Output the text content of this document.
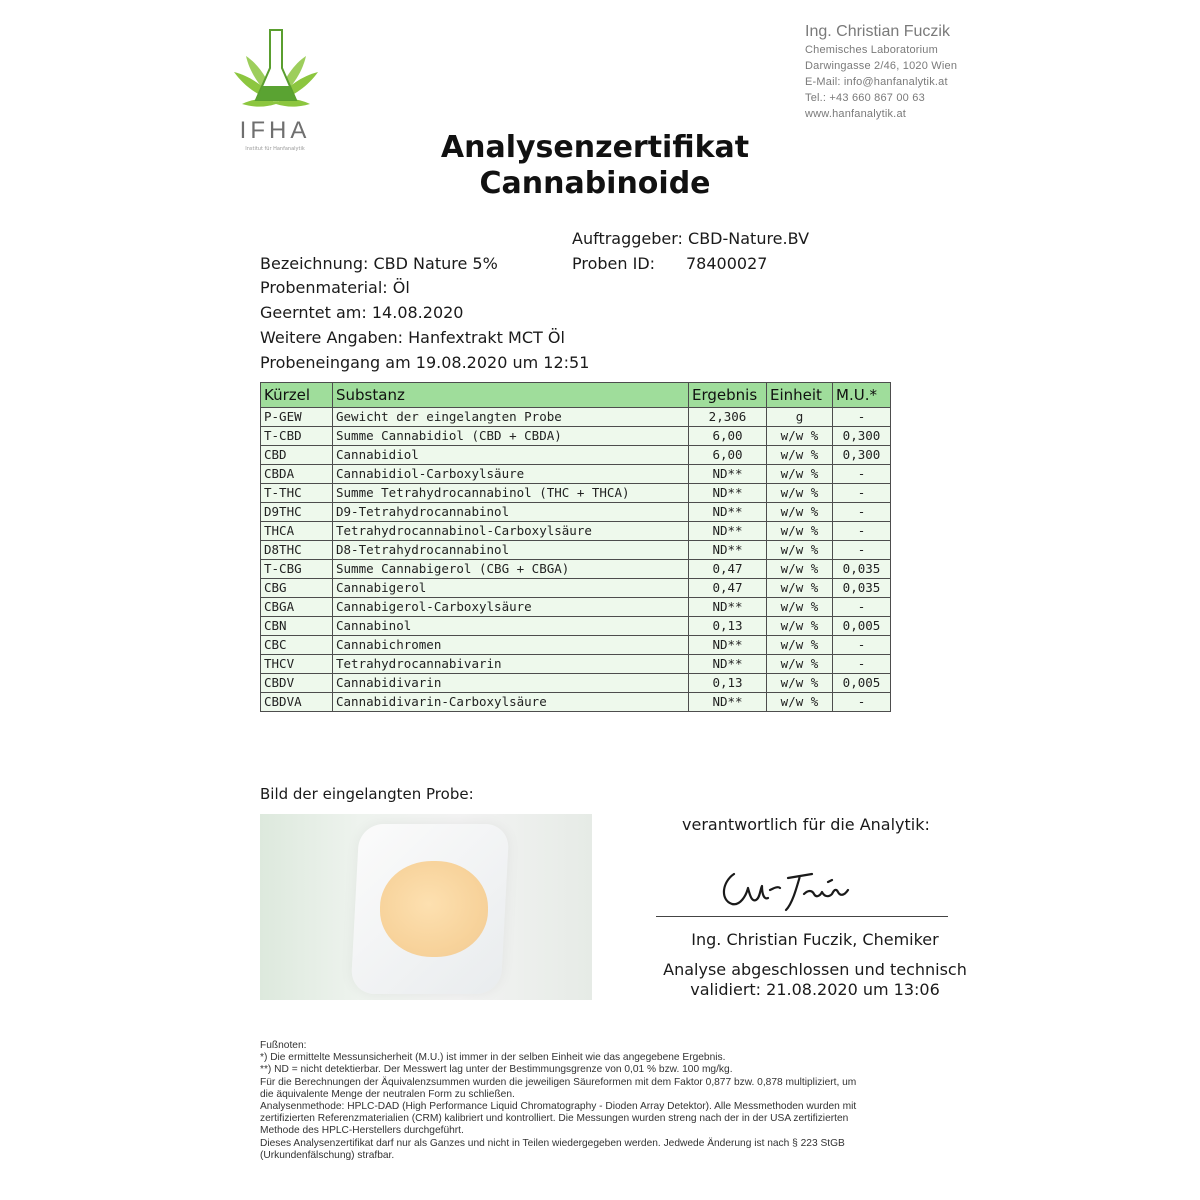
IFHA
Institut für Hanfanalytik
Ing. Christian Fuczik
Chemisches Laboratorium
Darwingasse 2/46, 1020 Wien
E-Mail: info@hanfanalytik.at
Tel.: +43 660 867 00 63
www.hanfanalytik.at
Analysenzertifikat
Cannabinoide
Auftraggeber: CBD-Nature.BV
Bezeichnung: CBD Nature 5%	Proben ID: 78400027
Probenmaterial: Öl
Geerntet am: 14.08.2020
Weitere Angaben: Hanfextrakt MCT Öl
Probeneingang am 19.08.2020 um 12:51
Kürzel	Substanz	Ergebnis	Einheit	M.U.*
P-GEW	Gewicht der eingelangten Probe	2,306	g	-
T-CBD	Summe Cannabidiol (CBD + CBDA)	6,00	w/w %	0,300
CBD	Cannabidiol	6,00	w/w %	0,300
CBDA	Cannabidiol-Carboxylsäure	ND**	w/w %	-
T-THC	Summe Tetrahydrocannabinol (THC + THCA)	ND**	w/w %	-
D9THC	D9-Tetrahydrocannabinol	ND**	w/w %	-
THCA	Tetrahydrocannabinol-Carboxylsäure	ND**	w/w %	-
D8THC	D8-Tetrahydrocannabinol	ND**	w/w %	-
T-CBG	Summe Cannabigerol (CBG + CBGA)	0,47	w/w %	0,035
CBG	Cannabigerol	0,47	w/w %	0,035
CBGA	Cannabigerol-Carboxylsäure	ND**	w/w %	-
CBN	Cannabinol	0,13	w/w %	0,005
CBC	Cannabichromen	ND**	w/w %	-
THCV	Tetrahydrocannabivarin	ND**	w/w %	-
CBDV	Cannabidivarin	0,13	w/w %	0,005
CBDVA	Cannabidivarin-Carboxylsäure	ND**	w/w %	-
Bild der eingelangten Probe:
verantwortlich für die Analytik:
Ing. Christian Fuczik, Chemiker
Analyse abgeschlossen und technisch
validiert: 21.08.2020 um 13:06
Fußnoten:
*) Die ermittelte Messunsicherheit (M.U.) ist immer in der selben Einheit wie das angegebene Ergebnis.
**) ND = nicht detektierbar. Der Messwert lag unter der Bestimmungsgrenze von 0,01 % bzw. 100 mg/kg.
Für die Berechnungen der Äquivalenzsummen wurden die jeweiligen Säureformen mit dem Faktor 0,877 bzw. 0,878 multipliziert, um
die äquivalente Menge der neutralen Form zu schließen.
Analysenmethode: HPLC-DAD (High Performance Liquid Chromatography - Dioden Array Detektor). Alle Messmethoden wurden mit
zertifizierten Referenzmaterialien (CRM) kalibriert und kontrolliert. Die Messungen wurden streng nach der in der USA zertifizierten
Methode des HPLC-Herstellers durchgeführt.
Dieses Analysenzertifikat darf nur als Ganzes und nicht in Teilen wiedergegeben werden. Jedwede Änderung ist nach § 223 StGB
(Urkundenfälschung) strafbar.
